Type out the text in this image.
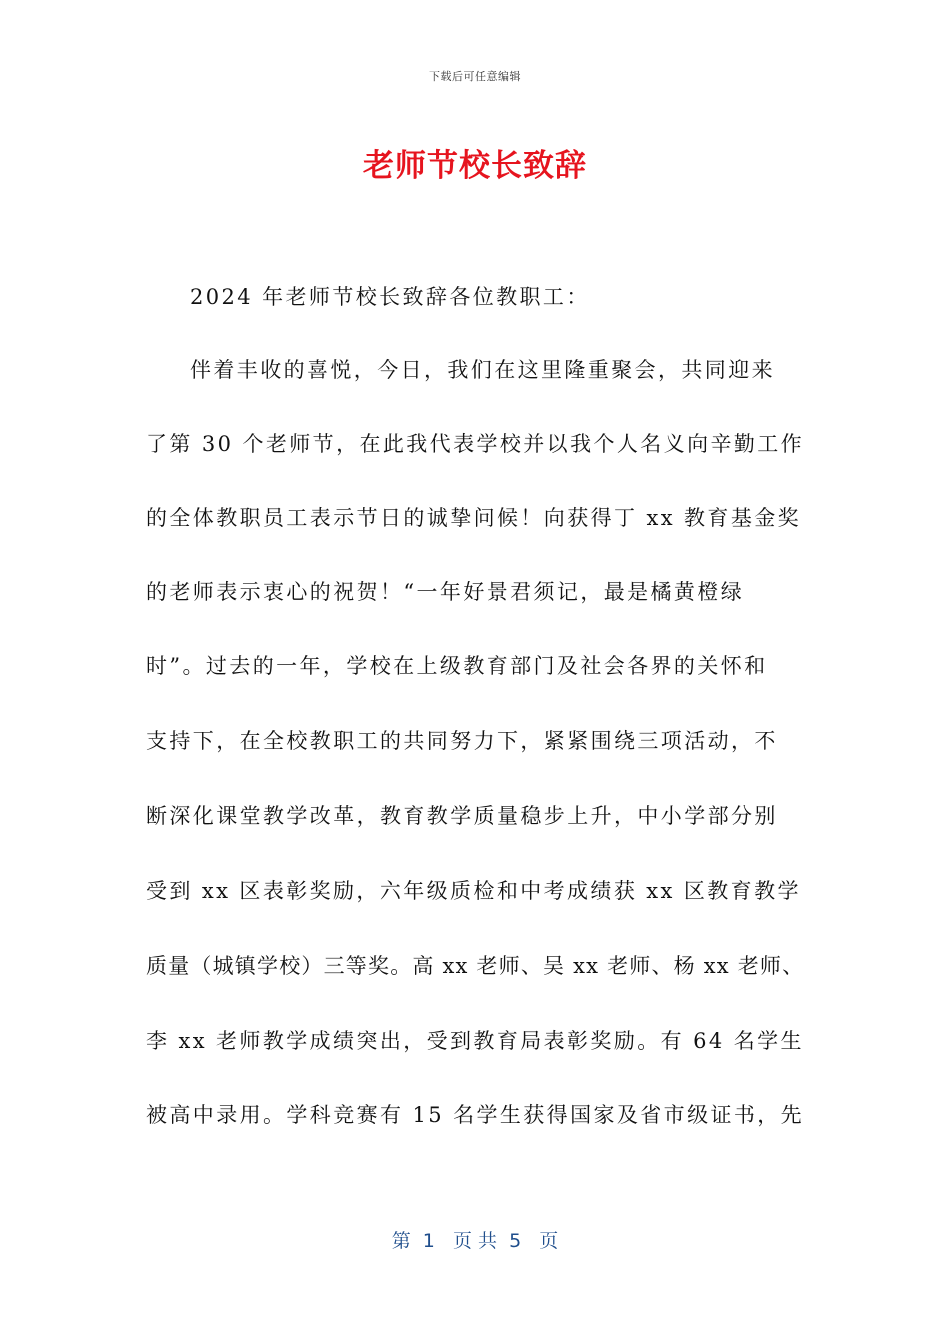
下载后可任意编辑
老师节校长致辞
2024 年老师节校长致辞各位教职工：
伴着丰收的喜悦，今日，我们在这里隆重聚会，共同迎来
了第 30 个老师节，在此我代表学校并以我个人名义向辛勤工作
的全体教职员工表示节日的诚挚问候！向获得丁 xx 教育基金奖
的老师表示衷心的祝贺！“一年好景君须记，最是橘黄橙绿
时”。过去的一年，学校在上级教育部门及社会各界的关怀和
支持下，在全校教职工的共同努力下，紧紧围绕三项活动，不
断深化课堂教学改革，教育教学质量稳步上升，中小学部分别
受到 xx 区表彰奖励，六年级质检和中考成绩获 xx 区教育教学
质量（城镇学校）三等奖。高 xx 老师、吴 xx 老师、杨 xx 老师、
李 xx 老师教学成绩突出，受到教育局表彰奖励。有 64 名学生
被高中录用。学科竞赛有 15 名学生获得国家及省市级证书，先
第  1   页 共  5   页
